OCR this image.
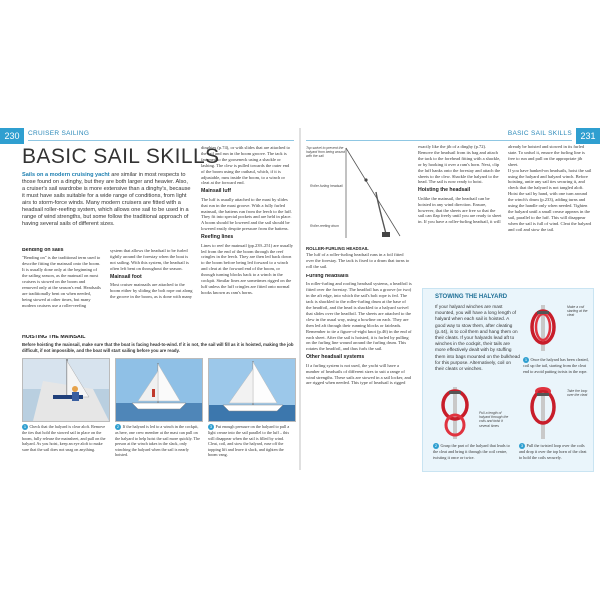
230	CRUISER SAILING
BASIC SAIL SKILLS
Sails on a modern cruising yacht are similar in most respects to those found on a dinghy, but they are both larger and heavier. Also, a cruiser's sail wardrobe is more extensive than a dinghy's, because it must have sails suitable for a wide range of conditions, from light airs to storm-force winds. Many modern cruisers are fitted with a headsail roller-reefing system, which allows one sail to be used in a range of wind strengths, but some follow the traditional approach of having several sails of different sizes.
Bending on sails
"Bending on" is the traditional term used to describe fitting the mainsail onto the boom. It is usually done only at the beginning of the sailing season, as the mainsail on most cruisers is stowed on the boom and removed only at the season's end. Headsails are traditionally bent on when needed, being stowed at other times, but many modern cruisers use a roller-reefing
system that allows the headsail to be furled tightly around the forestay when the boat is not sailing. With this system, the headsail is often left bent on throughout the season.
Mainsail foot
Most cruiser mainsails are attached to the boom either by sliding the bolt rope out along the groove in the boom, as is done with many
dinghies (p.74), or with slides that are attached to the sail and run in the boom groove. The tack is fastened to the gooseneck using a shackle or lashing. The clew is pulled towards the outer end of the boom using the outhaul, which, if it is adjustable, runs inside the boom, to a winch or cleat at the forward end.
Mainsail luff
The luff is usually attached to the mast by slides that run in the mast groove. With a fully furled mainsail, the battens run from the leech to the luff. They fit into special pockets and are held in place. A boom should be lowered and the sail should be lowered easily despite pressure from the battens.
Reefing lines
Lines to reef the mainsail (pp.239–251) are usually led from the end of the boom through the reef cringles in the leech. They are then led back down to the boom before being led forward to a winch and cleat at the forward end of the boom, or through turning blocks back to a winch in the cockpit. Similar lines are sometimes rigged on the luff unless the luff cringles are fitted onto normal hooks known as ram's horns.
HOISTING THE MAINSAIL
Before hoisting the mainsail, make sure that the boat is facing head-to-wind. If it is not, the sail will fill as it is hoisted, making the job difficult, if not impossible, and the boat will start sailing before you are ready.
1 Check that the halyard is clear aloft. Remove the ties that hold the stowed sail in place on the boom, fully release the mainsheet, and pull on the halyard. As you hoist, keep an eye aloft to make sure that the sail does not snag on anything.
2 If the halyard is led to a winch in the cockpit, as here, one crew member at the mast can pull on the halyard to help hoist the sail more quickly. The person at the winch takes in the slack, only winching the halyard when the sail is nearly hoisted.
3 Put enough pressure on the halyard to pull a light crease into the sail parallel to the luff – this will disappear when the sail is filled by wind. Cleat, coil, and stow the halyard, ease off the topping lift and leave it slack, and tighten the boom vang.
231
BASIC SAIL SKILLS
Top swivel to prevent the halyard from being wound with the sail
Roller-furling headsail
Roller-reefing drum
ROLLER-FURLING HEADSAIL
The luff of a roller-furling headsail runs in a foil fitted over the forestay. The tack is fixed to a drum that turns to roll the sail.
Furling headsails
In roller-furling and roofing headsail systems, a headfoil is fitted over the forestay. The headfoil has a groove (or two) in the aft edge, into which the sail's bolt rope is fed. The tack is shackled to the roller-furling drum at the base of the headfoil, and the head is shackled to a halyard swivel that slides over the headfoil. The sheets are attached to the clew in the usual way, using a bowline on each. They are then led aft through their running blocks or fairleads. Remember to tie a figure-of-eight knot (p.46) in the end of each sheet. After the sail is hoisted, it is furled by pulling on the furling line wound around the furling drum. This rotates the headfoil, and thus furls the sail.
Other headsail systems
If a furling system is not used, the yacht will have a number of headsails of different sizes to suit a range of wind strengths. These sails are stowed in a sail locker, and are rigged when needed. This type of headsail is rigged
exactly like the jib of a dinghy (p.72). Remove the headsail from its bag and attach the tack to the forehead fitting with a shackle, or by hooking it over a ram's horn. Next, clip the luff hanks onto the forestay and attach the sheets to the clew. Shackle the halyard to the head. The sail is now ready to hoist.
Hoisting the headsail
Unlike the mainsail, the headsail can be hoisted in any wind direction. Ensure, however, that the sheets are free so that the sail can flap freely until you are ready to sheet in. If you have a roller-furling headsail, it will
already be hoisted and stowed in its furled state. To unfurl it, ensure the furling line is free to run and pull on the appropriate jib sheet.
If you have hanked-on headsails, hoist the sail using the halyard and halyard winch. Before hoisting, untie any sail ties securing it, and check that the halyard is not tangled aloft. Hoist the sail by hand, with one turn around the winch's drum (p.233), adding turns and using the handle only when needed. Tighten the halyard until a small crease appears in the sail, parallel to the luff. This will disappear when the sail is full of wind. Cleat the halyard and coil and stow the tail.
STOWING THE HALYARD
If your halyard winches are mast mounted, you will have a long length of halyard when each sail is hoisted. A good way to stow them, after cleating (p.44), is to coil them and hang them on their cleats. If your halyards lead aft to winches in the cockpit, their tails are more effectively dealt with by stuffing them into bags mounted on the bulkhead for this purpose. Alternatively, coil on their cleats or winches.
Make a coil starting at the cleat
1 Once the halyard has been cleated, coil up the tail, starting from the cleat end to avoid putting twists in the rope.
Pull a length of halyard through the coils and twist it several times
Take the loop over the cleat
2 Grasp the part of the halyard that leads to the cleat and bring it through the coil centre, twisting it once or twice.
3 Pull the twisted loop over the coils and drop it over the top horn of the cleat to hold the coils securely.
